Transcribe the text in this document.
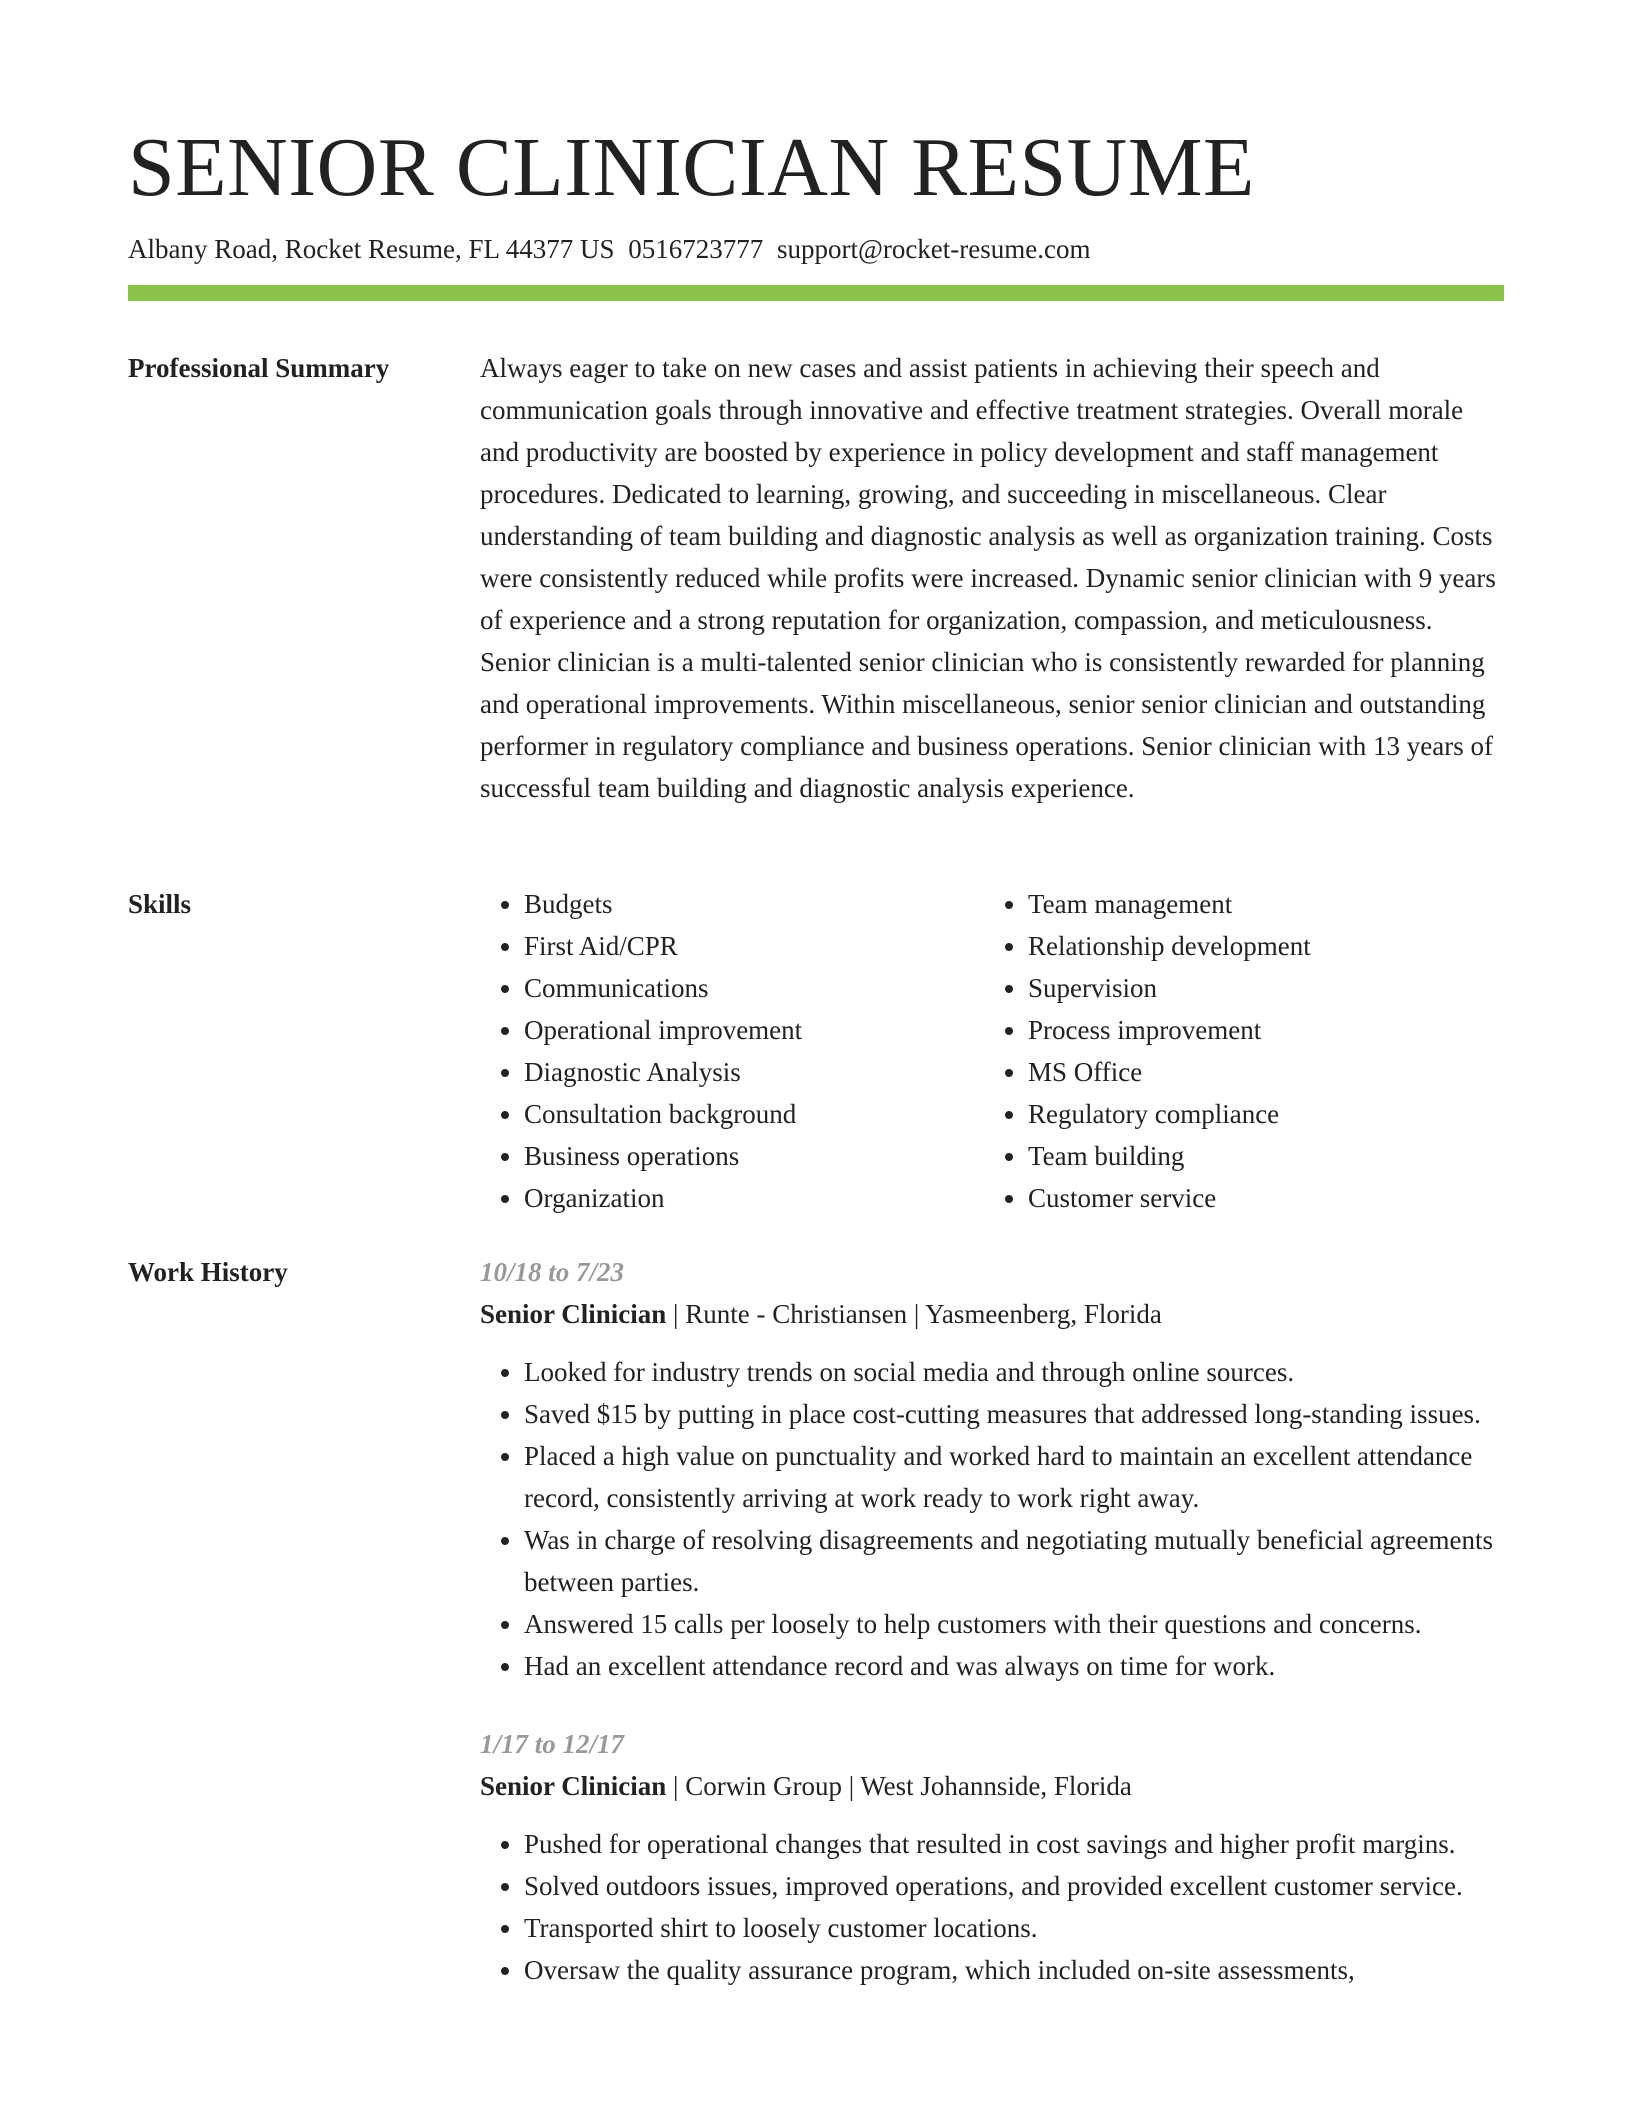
SENIOR CLINICIAN RESUME
Albany Road, Rocket Resume, FL 44377 US 0516723777 support@rocket-resume.com
Professional Summary	Always eager to take on new cases and assist patients in achieving their speech and communication goals through innovative and effective treatment strategies. Overall morale and productivity are boosted by experience in policy development and staff management procedures. Dedicated to learning, growing, and succeeding in miscellaneous. Clear understanding of team building and diagnostic analysis as well as organization training. Costs were consistently reduced while profits were increased. Dynamic senior clinician with 9 years of experience and a strong reputation for organization, compassion, and meticulousness. Senior clinician is a multi-talented senior clinician who is consistently rewarded for planning and operational improvements. Within miscellaneous, senior senior clinician and outstanding performer in regulatory compliance and business operations. Senior clinician with 13 years of successful team building and diagnostic analysis experience.

Skills
•	Budgets
• First Aid/CPR
• Communications
• Operational improvement
• Diagnostic Analysis
• Consultation background
• Business operations
• Organization
• Team management
• Relationship development
• Supervision
• Process improvement
• MS Office
• Regulatory compliance
• Team building
• Customer service
Work History	10/18 to 7/23
Senior Clinician | Runte - Christiansen | Yasmeenberg, Florida
• Looked for industry trends on social media and through online sources.
• Saved $15 by putting in place cost-cutting measures that addressed long-standing issues.
• Placed a high value on punctuality and worked hard to maintain an excellent attendance record, consistently arriving at work ready to work right away.
• Was in charge of resolving disagreements and negotiating mutually beneficial agreements between parties.
• Answered 15 calls per loosely to help customers with their questions and concerns.
• Had an excellent attendance record and was always on time for work.
1/17 to 12/17
Senior Clinician | Corwin Group | West Johannside, Florida
• Pushed for operational changes that resulted in cost savings and higher profit margins.
• Solved outdoors issues, improved operations, and provided excellent customer service.
• Transported shirt to loosely customer locations.
• Oversaw the quality assurance program, which included on-site assessments,
